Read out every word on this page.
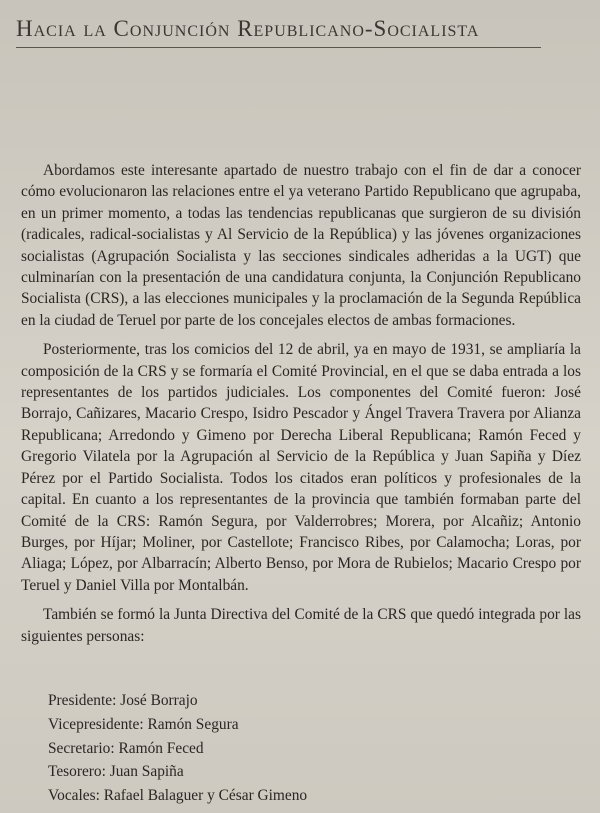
Hacia la Conjunción Republicano-Socialista

Abordamos este interesante apartado de nuestro trabajo con el fin de dar a conocer cómo evolucionaron las relaciones entre el ya veterano Partido Republicano que agrupaba, en un primer momento, a todas las tendencias republicanas que surgieron de su división (radicales, radical-socialistas y Al Servicio de la República) y las jóvenes organizaciones socialistas (Agrupación Socialista y las secciones sindicales adheridas a la UGT) que culminarían con la presentación de una candidatura conjunta, la Conjunción Republicano Socialista (CRS), a las elecciones municipales y la proclamación de la Segunda República en la ciudad de Teruel por parte de los concejales electos de ambas formaciones.

Posteriormente, tras los comicios del 12 de abril, ya en mayo de 1931, se ampliaría la composición de la CRS y se formaría el Comité Provincial, en el que se daba entrada a los representantes de los partidos judiciales. Los componentes del Comité fueron: José Borrajo, Cañizares, Macario Crespo, Isidro Pescador y Ángel Travera Travera por Alianza Republicana; Arredondo y Gimeno por Derecha Liberal Republicana; Ramón Feced y Gregorio Vilatela por la Agrupación al Servicio de la República y Juan Sapiña y Díez Pérez por el Partido Socialista. Todos los citados eran políticos y profesionales de la capital. En cuanto a los representantes de la provincia que también formaban parte del Comité de la CRS: Ramón Segura, por Valderrobres; Morera, por Alcañiz; Antonio Burges, por Híjar; Moliner, por Castellote; Francisco Ribes, por Calamocha; Loras, por Aliaga; López, por Albarracín; Alberto Benso, por Mora de Rubielos; Macario Crespo por Teruel y Daniel Villa por Montalbán.

También se formó la Junta Directiva del Comité de la CRS que quedó integrada por las siguientes personas:

Presidente: José Borrajo
Vicepresidente: Ramón Segura
Secretario: Ramón Feced
Tesorero: Juan Sapiña
Vocales: Rafael Balaguer y César Gimeno
